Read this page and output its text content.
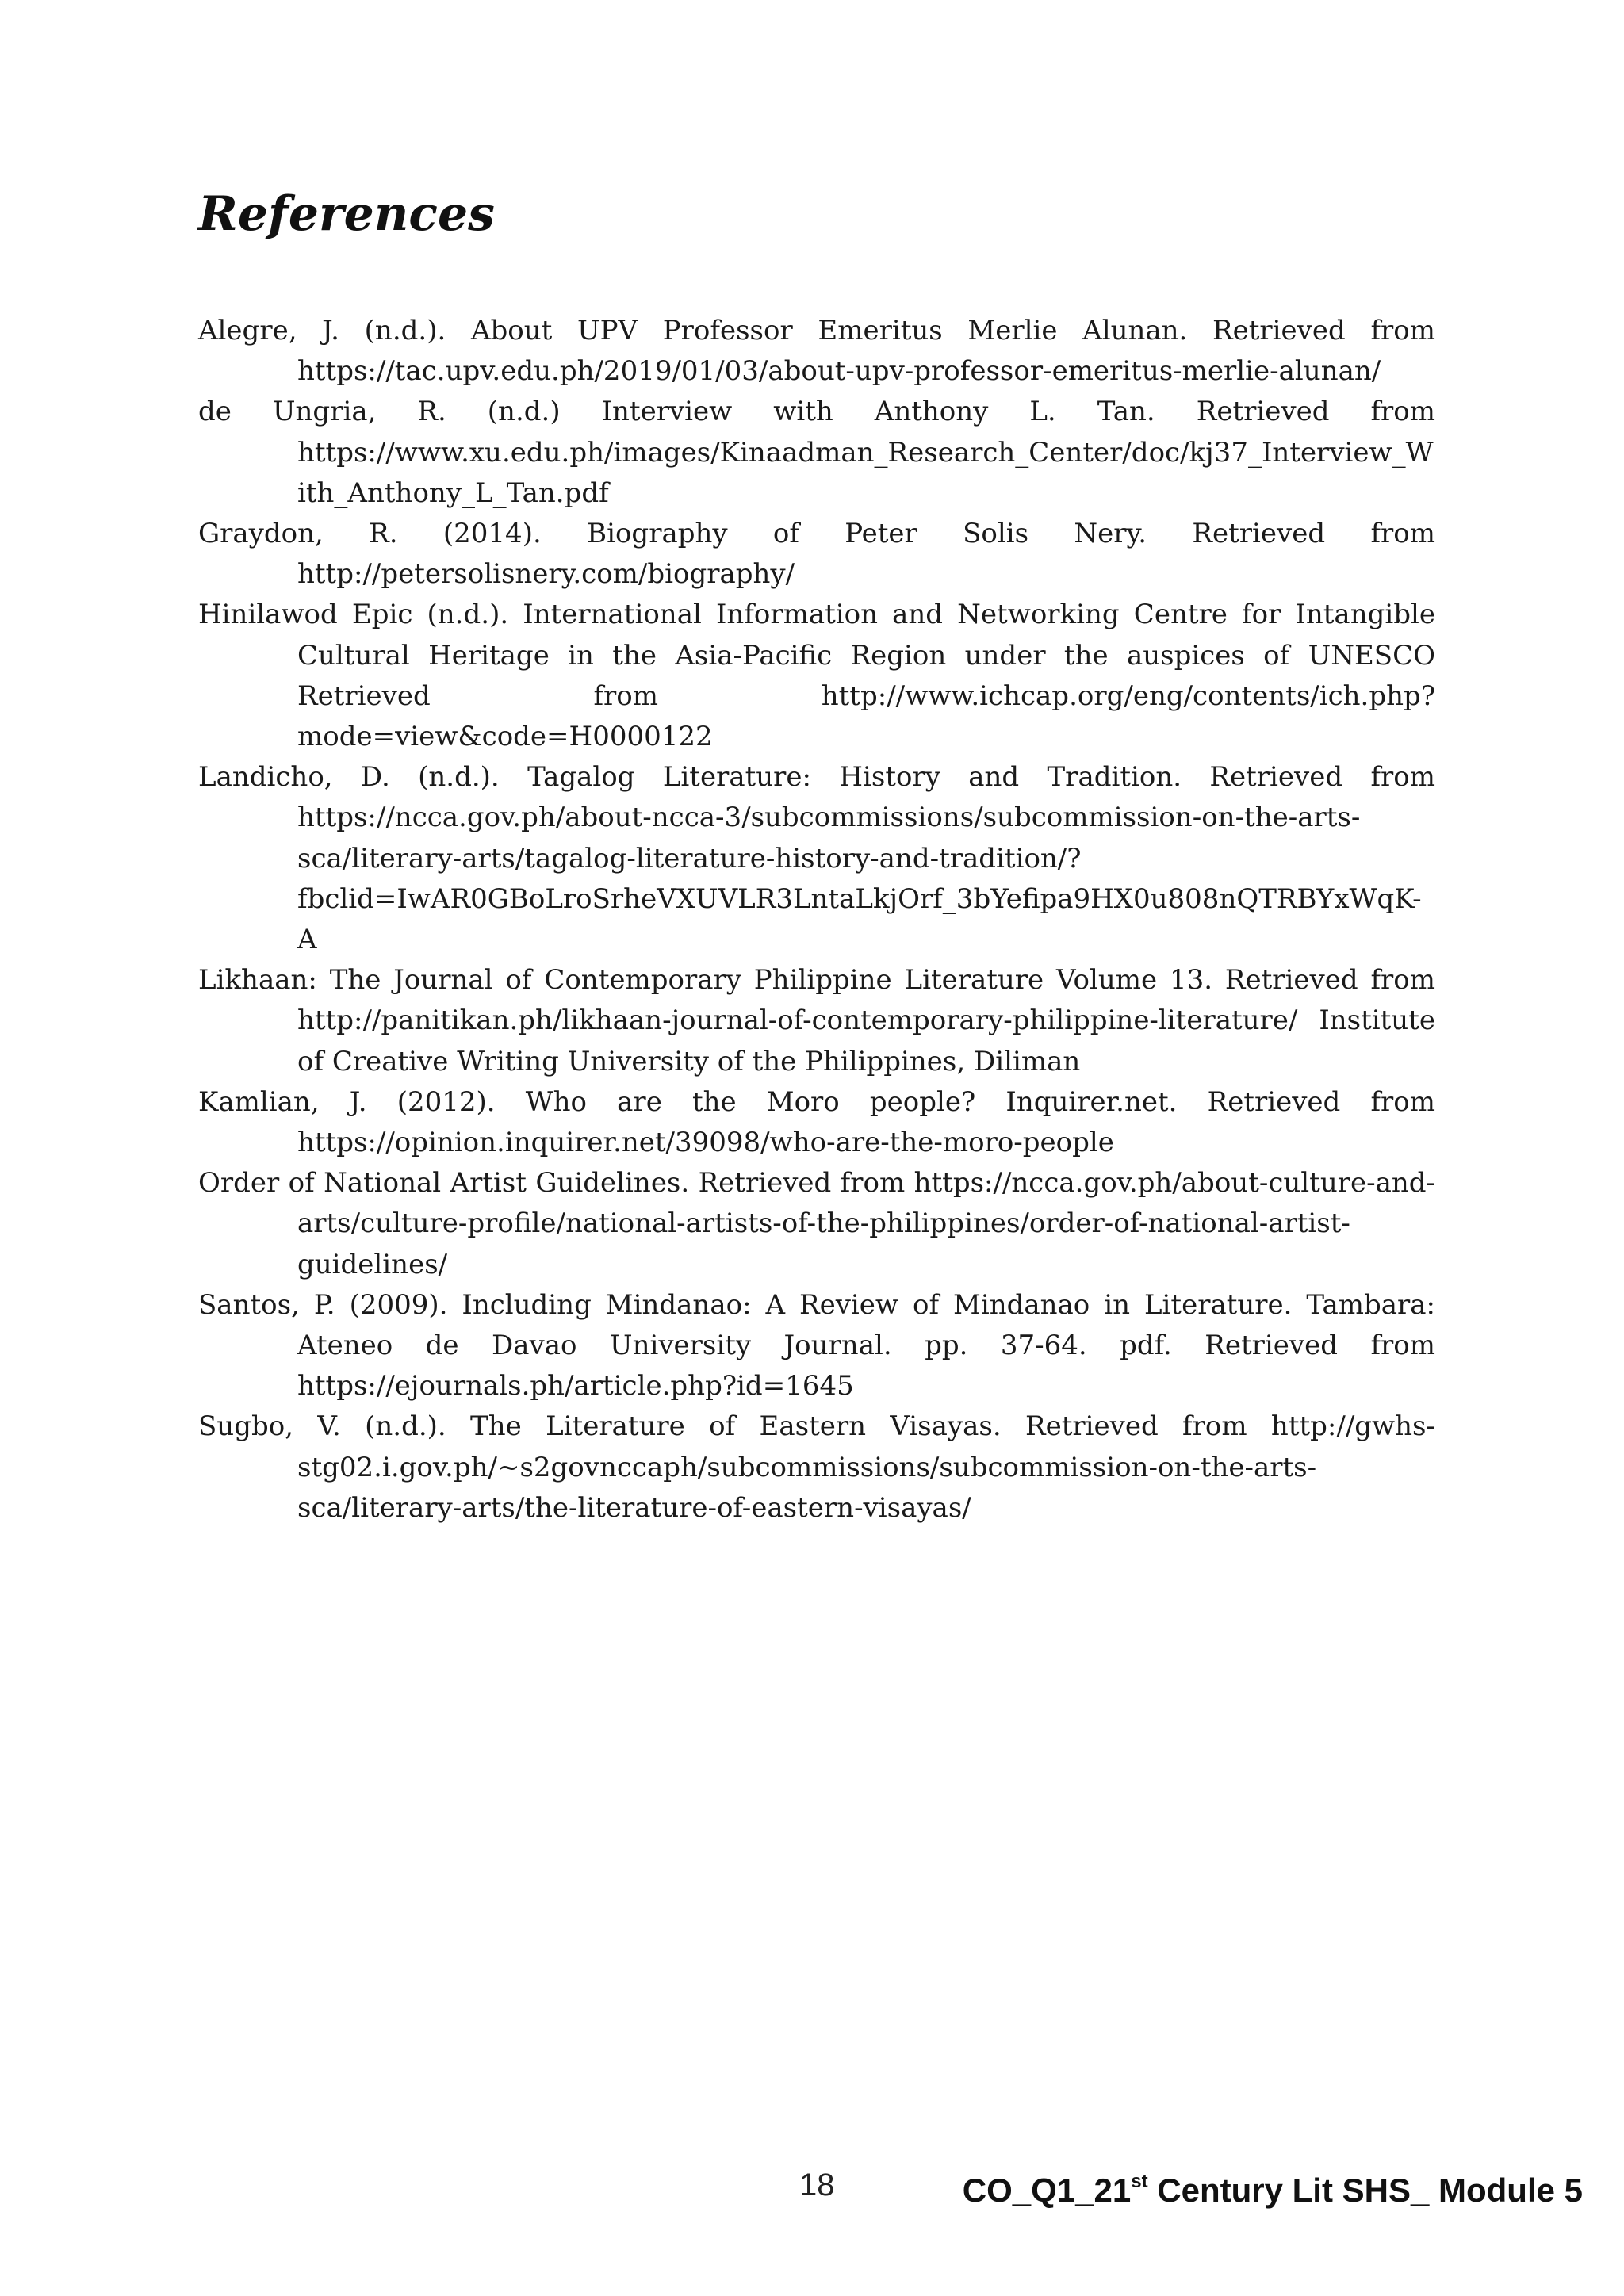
References
Alegre, J. (n.d.). About UPV Professor Emeritus Merlie Alunan. Retrieved from https://tac.upv.edu.ph/2019/01/03/about-upv-professor-emeritus-merlie-alunan/
de Ungria, R. (n.d.) Interview with Anthony L. Tan. Retrieved from https://www.xu.edu.ph/images/Kinaadman_Research_Center/doc/kj37_Interview_With_Anthony_L_Tan.pdf
Graydon, R. (2014). Biography of Peter Solis Nery. Retrieved from http://petersolisnery.com/biography/
Hinilawod Epic (n.d.). International Information and Networking Centre for Intangible Cultural Heritage in the Asia-Pacific Region under the auspices of UNESCO Retrieved from http://www.ichcap.org/eng/contents/ich.php?mode=view&code=H0000122
Landicho, D. (n.d.). Tagalog Literature: History and Tradition. Retrieved from https://ncca.gov.ph/about-ncca-3/subcommissions/subcommission-on-the-arts-sca/literary-arts/tagalog-literature-history-and-tradition/?fbclid=IwAR0GBoLroSrheVXUVLR3LntaLkjOrf_3bYefipa9HX0u808nQTRBYxWqK-A
Likhaan: The Journal of Contemporary Philippine Literature Volume 13. Retrieved from http://panitikan.ph/likhaan-journal-of-contemporary-philippine-literature/ Institute of Creative Writing University of the Philippines, Diliman
Kamlian, J. (2012). Who are the Moro people? Inquirer.net. Retrieved from https://opinion.inquirer.net/39098/who-are-the-moro-people
Order of National Artist Guidelines. Retrieved from https://ncca.gov.ph/about-culture-and-arts/culture-profile/national-artists-of-the-philippines/order-of-national-artist-guidelines/
Santos, P. (2009). Including Mindanao: A Review of Mindanao in Literature. Tambara: Ateneo de Davao University Journal. pp. 37-64. pdf. Retrieved from https://ejournals.ph/article.php?id=1645
Sugbo, V. (n.d.). The Literature of Eastern Visayas. Retrieved from http://gwhs-stg02.i.gov.ph/~s2govnccaph/subcommissions/subcommission-on-the-arts-sca/literary-arts/the-literature-of-eastern-visayas/
18	CO_Q1_21st Century Lit SHS_ Module 5
